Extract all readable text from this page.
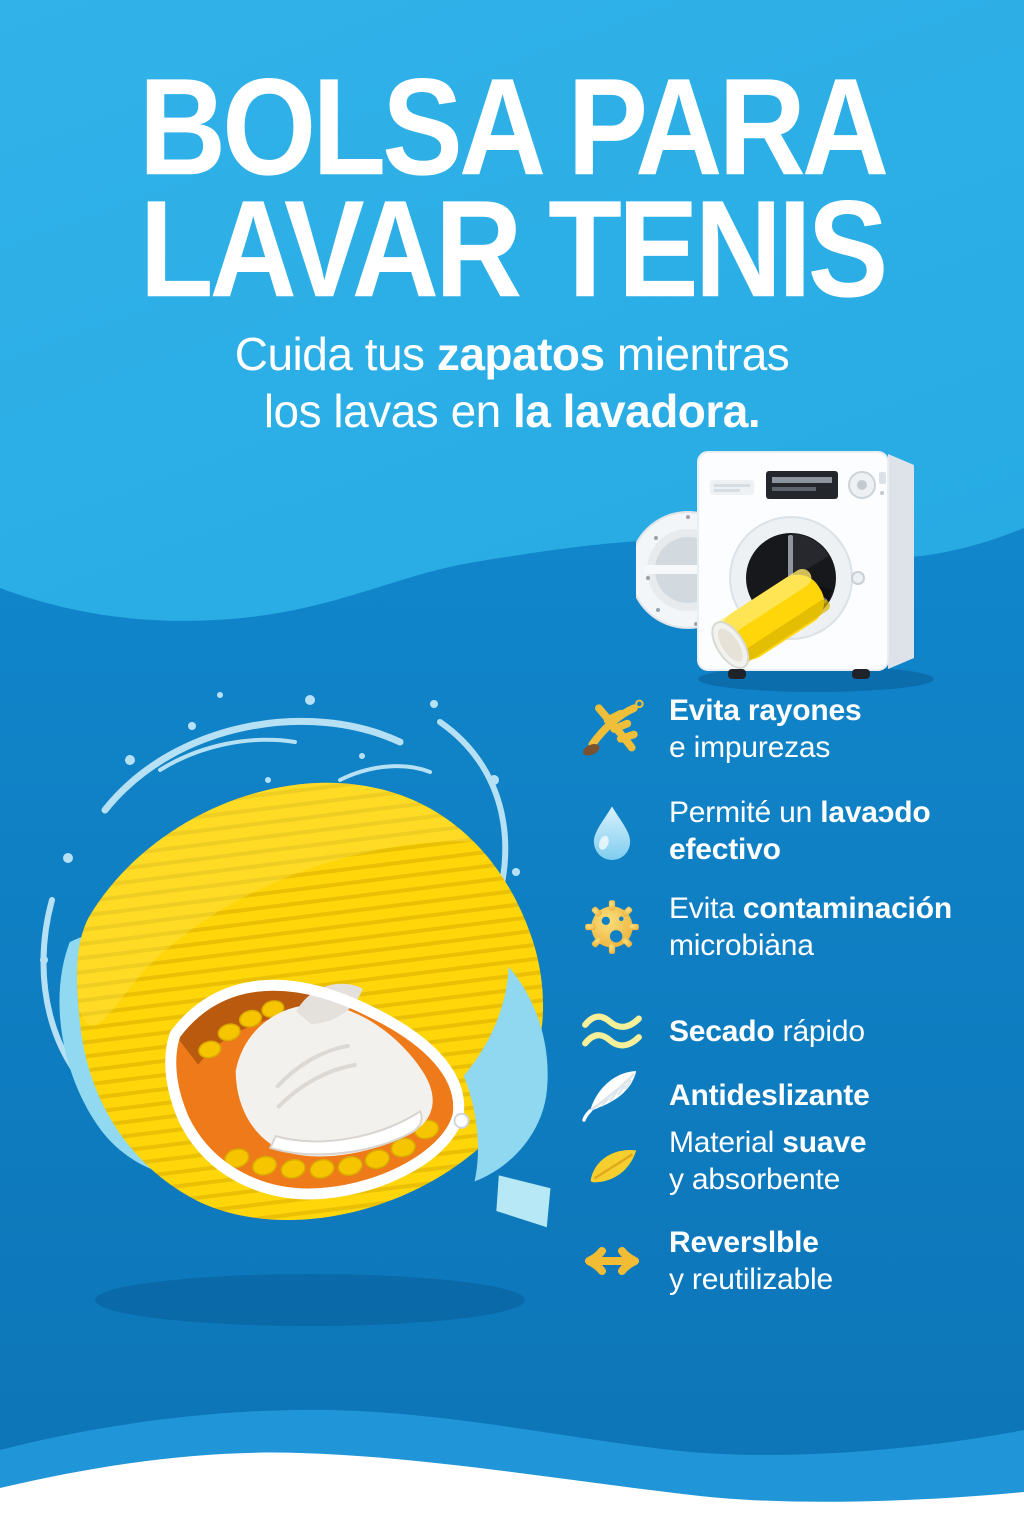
BOLSA PARA
LAVAR TENIS
Cuida tus zapatos mientras
los lavas en la lavadora.
Evita rayones
e impurezas
Permité un lavaɔdo
efectivo
Evita contaminación
microbiȧna
Secado rápido
Antideslizante
Material suave
y absorbente
Reverslble
y reutilizable
